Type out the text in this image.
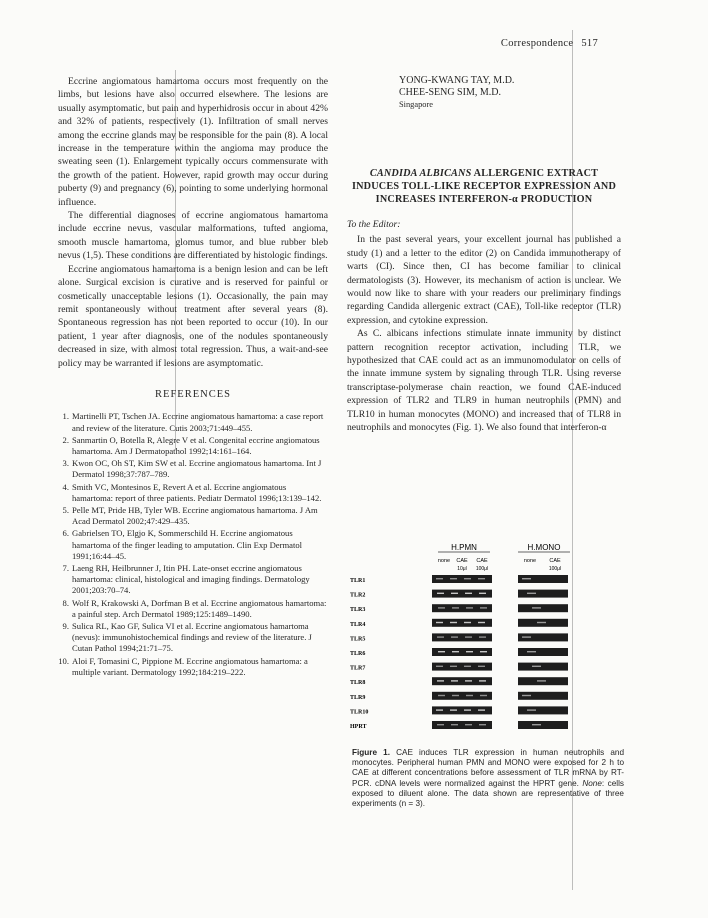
Correspondence 517

Eccrine angiomatous hamartoma occurs most frequently on the limbs, but lesions have also occurred elsewhere. The lesions are usually asymptomatic, but pain and hyperhidrosis occur in about 42% and 32% of patients, respectively (1). Infiltration of small nerves among the eccrine glands may be responsible for the pain (8). A local increase in the temperature within the angioma may produce the sweating seen (1). Enlargement typically occurs commensurate with the growth of the patient. However, rapid growth may occur during puberty (9) and pregnancy (6), pointing to some underlying hormonal influence.

The differential diagnoses of eccrine angiomatous hamartoma include eccrine nevus, vascular malformations, tufted angioma, smooth muscle hamartoma, glomus tumor, and blue rubber bleb nevus (1,5). These conditions are differentiated by histologic findings.

Eccrine angiomatous hamartoma is a benign lesion and can be left alone. Surgical excision is curative and is reserved for painful or cosmetically unacceptable lesions (1). Occasionally, the pain may remit spontaneously without treatment after several years (8). Spontaneous regression has not been reported to occur (10). In our patient, 1 year after diagnosis, one of the nodules spontaneously decreased in size, with almost total regression. Thus, a wait-and-see policy may be warranted if lesions are asymptomatic.

REFERENCES

1. Martinelli PT, Tschen JA. Eccrine angiomatous hamartoma: a case report and review of the literature. Cutis 2003;71:449–455.
2. Sanmartin O, Botella R, Alegre V et al. Congenital eccrine angiomatous hamartoma. Am J Dermatopathol 1992;14:161–164.
3. Kwon OC, Oh ST, Kim SW et al. Eccrine angiomatous hamartoma. Int J Dermatol 1998;37:787–789.
4. Smith VC, Montesinos E, Revert A et al. Eccrine angiomatous hamartoma: report of three patients. Pediatr Dermatol 1996;13:139–142.
5. Pelle MT, Pride HB, Tyler WB. Eccrine angiomatous hamartoma. J Am Acad Dermatol 2002;47:429–435.
6. Gabrielsen TO, Elgjo K, Sommerschild H. Eccrine angiomatous hamartoma of the finger leading to amputation. Clin Exp Dermatol 1991;16:44–45.
7. Laeng RH, Heilbrunner J, Itin PH. Late-onset eccrine angiomatous hamartoma: clinical, histological and imaging findings. Dermatology 2001;203:70–74.
8. Wolf R, Krakowski A, Dorfman B et al. Eccrine angiomatous hamartoma: a painful step. Arch Dermatol 1989;125:1489–1490.
9. Sulica RL, Kao GF, Sulica VI et al. Eccrine angiomatous hamartoma (nevus): immunohistochemical findings and review of the literature. J Cutan Pathol 1994;21:71–75.
10. Aloi F, Tomasini C, Pippione M. Eccrine angiomatous hamartoma: a multiple variant. Dermatology 1992;184:219–222.
YONG-KWANG TAY, M.D.
CHEE-SENG SIM, M.D.
Singapore
CANDIDA ALBICANS ALLERGENIC EXTRACT INDUCES TOLL-LIKE RECEPTOR EXPRESSION AND INCREASES INTERFERON-α PRODUCTION

To the Editor:

In the past several years, your excellent journal has published a study (1) and a letter to the editor (2) on Candida immunotherapy of warts (CI). Since then, CI has become familiar to clinical dermatologists (3). However, its mechanism of action is unclear. We would now like to share with your readers our preliminary findings regarding Candida allergenic extract (CAE), Toll-like receptor (TLR) expression, and cytokine expression.

As C. albicans infections stimulate innate immunity by distinct pattern recognition receptor activation, including TLR, we hypothesized that CAE could act as an immunomodulator on cells of the innate immune system by signaling through TLR. Using reverse transcriptase-polymerase chain reaction, we found CAE-induced expression of TLR2 and TLR9 in human neutrophils (PMN) and TLR10 in human monocytes (MONO) and increased that of TLR8 in neutrophils and monocytes (Fig. 1). We also found that interferon-α

H.PMN	H.MONO
none CAE CAE
10μl 100μl
none CAE
100μl
TLR1
TLR2
TLR3
TLR4
TLR5
TLR6
TLR7
TLR8
TLR9
TLR10
HPRT
Figure 1. CAE induces TLR expression in human neutrophils and monocytes. Peripheral human PMN and MONO were exposed for 2 h to CAE at different concentrations before assessment of TLR mRNA by RT-PCR. cDNA levels were normalized against the HPRT gene. None: cells exposed to diluent alone. The data shown are representative of three experiments (n = 3).
